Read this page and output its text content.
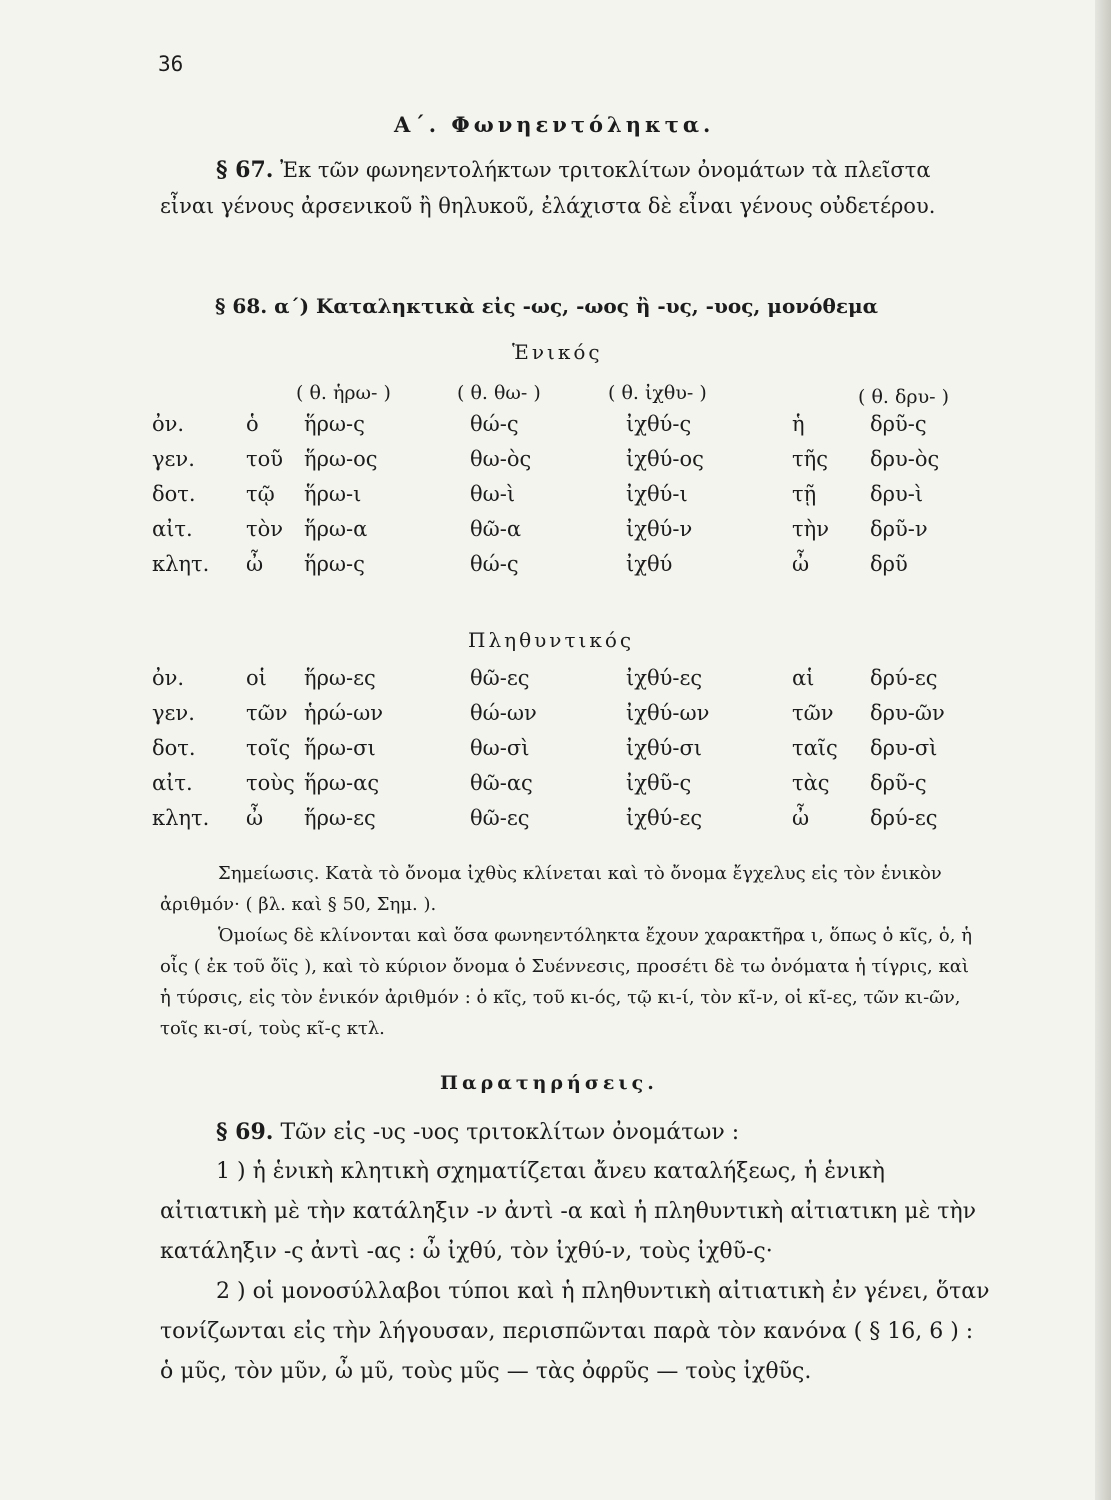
36
Α΄. Φωνηεντόληκτα.
§ 67. Ἐκ τῶν φωνηεντολήκτων τριτοκλίτων ὀνομάτων τὰ πλεῖστα εἶναι γένους ἀρσενικοῦ ἢ θηλυκοῦ, ἐλάχιστα δὲ εἶναι γένους οὐδετέρου.
§ 68. α΄) Καταληκτικὰ εἰς -ως, -ωος ἢ -υς, -υος, μονόθεμα
Ἑνικός
( θ. ἡρω- )	( θ. θω- )	( θ. ἰχθυ- )	( θ. δρυ- )
ὀν.	ὁ ἥρω-ς	θώ-ς	ἰχθύ-ς	ἡ	δρῦ-ς
γεν. τοῦ ἥρω-ος	θω-ὸς	ἰχθύ-ος	τῆς δρυ-ὸς
δοτ. τῷ ἥρω-ι	θω-ὶ	ἰχθύ-ι	τῇ	δρυ-ὶ
αἰτ.	τὸν ἥρω-α	θῶ-α	ἰχθύ-ν	τὴν δρῦ-ν
κλητ. ὦ ἥρω-ς	θώ-ς	ἰχθύ	ὦ	δρῦ
Πληθυντικός
ὀν.	οἱ ἥρω-ες	θῶ-ες	ἰχθύ-ες	αἱ	δρύ-ες
γεν. τῶν ἡρώ-ων	θώ-ων	ἰχθύ-ων	τῶν δρυ-ῶν
δοτ. τοῖς ἥρω-σι	θω-σὶ	ἰχθύ-σι	ταῖς δρυ-σὶ
αἰτ.	τοὺς ἥρω-ας	θῶ-ας	ἰχθῦ-ς	τὰς δρῦ-ς
κλητ. ὦ ἥρω-ες	θῶ-ες	ἰχθύ-ες	ὦ	δρύ-ες
Σημείωσις. Κατὰ τὸ ὄνομα ἰχθὺς κλίνεται καὶ τὸ ὄνομα ἔγχελυς εἰς τὸν ἑνικὸν ἀριθμόν· ( βλ. καὶ § 50, Σημ. ).
Ὁμοίως δὲ κλίνονται καὶ ὅσα φωνηεντόληκτα ἔχουν χαρακτῆρα ι, ὅπως ὁ κῖς, ὁ, ἡ οἶς ( ἐκ τοῦ ὄϊς ), καὶ τὸ κύριον ὄνομα ὁ Συέννεσις, προσέτι δὲ τω ὀνόματα ἡ τίγρις, καὶ ἡ τύρσις, εἰς τὸν ἑνικόν ἀριθμόν : ὁ κῖς, τοῦ κι-ός, τῷ κι-ί, τὸν κῖ-ν, οἱ κῖ-ες, τῶν κι-ῶν, τοῖς κι-σί, τοὺς κῖ-ς κτλ.
Παρατηρήσεις.
§ 69. Τῶν εἰς -υς -υος τριτοκλίτων ὀνομάτων :
1 ) ἡ ἑνικὴ κλητικὴ σχηματίζεται ἄνευ καταλήξεως, ἡ ἑνικὴ αἰτιατικὴ μὲ τὴν κατάληξιν -ν ἀντὶ -α καὶ ἡ πληθυντικὴ αἰτιατικη μὲ τὴν κατάληξιν -ς ἀντὶ -ας : ὦ ἰχθύ, τὸν ἰχθύ-ν, τοὺς ἰχθῦ-ς·
2 ) οἱ μονοσύλλαβοι τύποι καὶ ἡ πληθυντικὴ αἰτιατικὴ ἐν γένει, ὅταν τονίζωνται εἰς τὴν λήγουσαν, περισπῶνται παρὰ τὸν κανόνα ( § 16, 6 ) : ὁ μῦς, τὸν μῦν, ὦ μῦ, τοὺς μῦς — τὰς ὀφρῦς — τοὺς ἰχθῦς.
